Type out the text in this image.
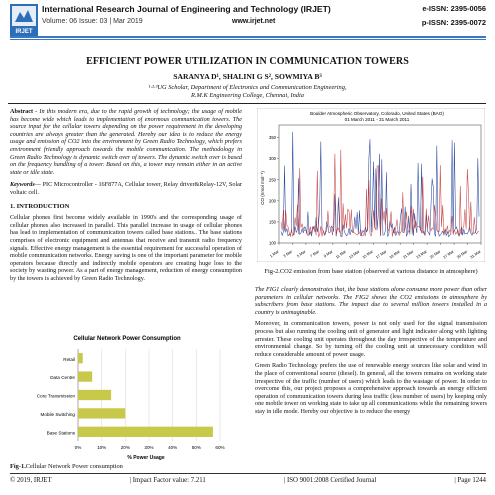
IRJET
International Research Journal of Engineering and Technology (IRJET)
Volume: 06 Issue: 03 | Mar 2019	www.irjet.net
e-ISSN: 2395-0056
p-ISSN: 2395-0072
EFFICIENT POWER UTILIZATION IN COMMUNICATION TOWERS
SARANYA D¹, SHALINI G S², SOWMIYA B³
¹·²·³UG Scholar, Department of Electronics and Communication Engineering,
R.M.K Engineering College, Chennai, India
Abstract - In this modern era, due to the rapid growth of technology; the usage of mobile has become wide which leads to implementation of enormous communication towers. The source input for the cellular towers depending on the power requirement in the developing countries are always greater than the generated. Hereby our idea is to reduce the energy usage and emission of CO2 into the environment by Green Radio Technology, which prefers environment friendly approach towards the mobile communication. The methodology in Green Radio Technology is dynamic switch over of towers. The dynamic switch over is based on the frequency handling of a tower. Based on this, a tower may remain either in an active state or idle state.
Keywords— PIC Microcontroller - 16F877A, Cellular tower, Relay driver&Relay-12V, Solar voltaic cell.
1. INTRODUCTION

Cellular phones first become widely available in 1990's and the corresponding usage of cellular phones also increased in parallel. This parallel increase in usage of cellular phones has lead to implementation of communication towers called base stations.. The base stations comprises of electronic equipment and antennas that receive and transmit radio frequency signals. Effective energy management is the essential requirement for successful operation of mobile communication networks. Energy saving is one of the important parameter for mobile operators because directly and indirectly mobile operators are creating huge loss to the society by wasting power. As a part of energy management, reduction of energy consumption by the towers is achieved by Green Radio Technology.

Cellular Network Power Consumption
Retail
Data Centre
Core Transmission
Mobile Switching
Base Stations
0%	10%	20%	30%	40%	50%	60%
% Power Usage
Fig-1.Cellular Network Power consumption
Boulder Atmospheric Observatory, Colorado, United States (BAO)
01 March 2011 - 31 March 2011
CO (nmol mol⁻¹)
100
150
200
250
300
350
1 Mar 3 Mar 5 Mar 7 Mar 9 Mar 11 Mar 13 Mar 15 Mar 17 Mar 19 Mar 21 Mar 23 Mar 25 Mar 27 Mar 29 Mar 31 Mar
Fig-2.CO2 emission from base station (observed at various distance in atmosphere)

The FIG1 clearly demonstrates that, the base stations alone consume more power than other parameters in cellular networks. The FIG2 shows the CO2 emissions in atmosphere by subscribers from base stations. The impact due to several million towers installed in a country is unimaginable.

Moreover, in communication towers, power is not only used for the signal transmission process but also running the cooling unit of generator and light indicator along with lighting arrester. These cooling unit operates throughout the day irrespective of the temperature and environmental change. So by turning off the cooling unit at unnecessary condition will reduce considerable amount of power usage.

Green Radio Technology prefers the use of renewable energy sources like solar and wind in the place of conventional source (diesel). In general, all the towers remains on working state irrespective of the traffic (number of users) which leads to the wastage of power. In order to overcome this, our project proposes a comprehensive approach towards an energy efficient operation of communication towers during less traffic (less number of users) by keeping only one mobile tower on working state to take up all communications while the remaining towers stay in idle mode. Hereby our objective is to reduce the energy

© 2019, IRJET	| Impact Factor value: 7.211	| ISO 9001:2008 Certified Journal	| Page 1244
